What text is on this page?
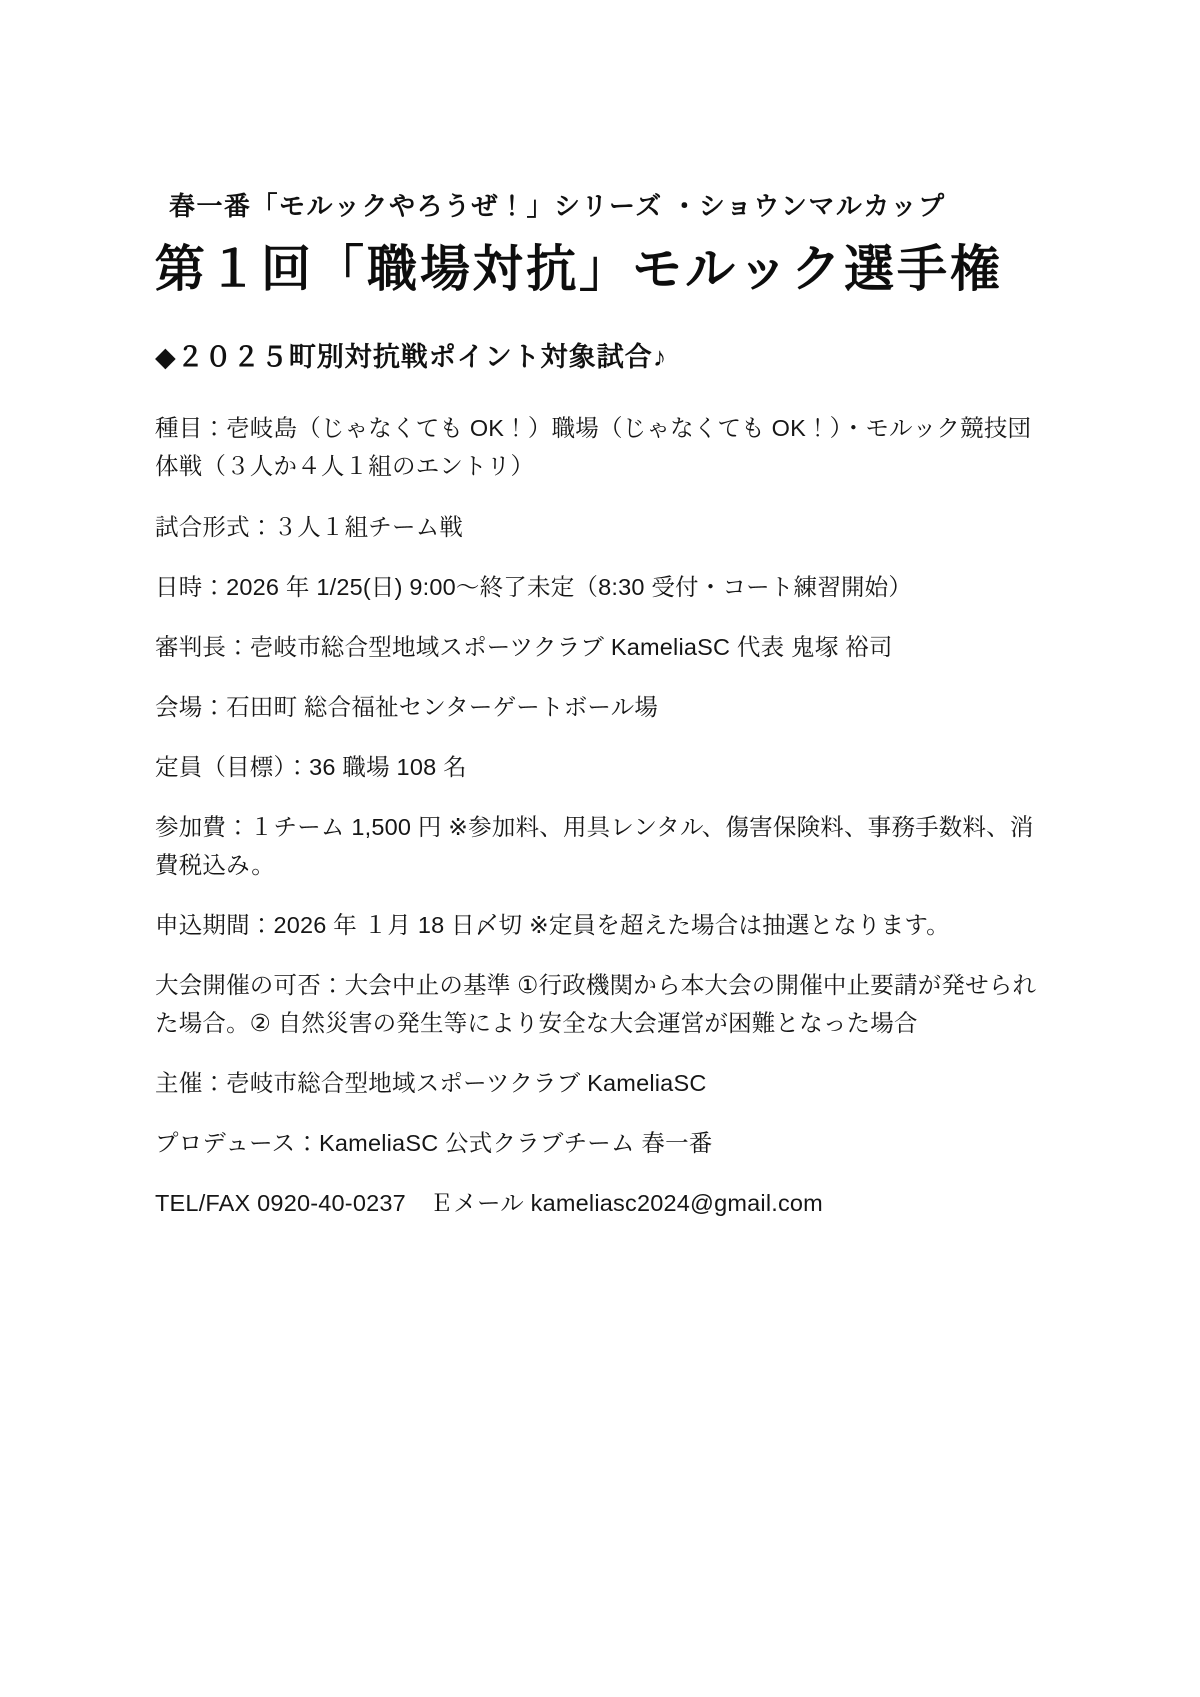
春一番「モルックやろうぜ！」シリーズ ・ショウンマルカップ
第１回「職場対抗」モルック選手権
◆２０２５町別対抗戦ポイント対象試合♪
種目：壱岐島（じゃなくても OK！）職場（じゃなくても OK！）・モルック競技団体戦（３人か４人１組のエントリ）
試合形式：３人１組チーム戦
日時：2026 年 1/25(日) 9:00〜終了未定（8:30 受付・コート練習開始）
審判長：壱岐市総合型地域スポーツクラブ KameliaSC 代表 鬼塚 裕司
会場：石田町 総合福祉センターゲートボール場
定員（目標）：36 職場 108 名
参加費：１チーム 1,500 円 ※参加料、用具レンタル、傷害保険料、事務手数料、消費税込み。
申込期間：2026 年 １月 18 日〆切 ※定員を超えた場合は抽選となります。
大会開催の可否：大会中止の基準 ①行政機関から本大会の開催中止要請が発せられた場合。② 自然災害の発生等により安全な大会運営が困難となった場合
主催：壱岐市総合型地域スポーツクラブ KameliaSC
プロデュース：KameliaSC 公式クラブチーム 春一番
TEL/FAX 0920-40-0237　Ｅメール kameliasc2024@gmail.com
